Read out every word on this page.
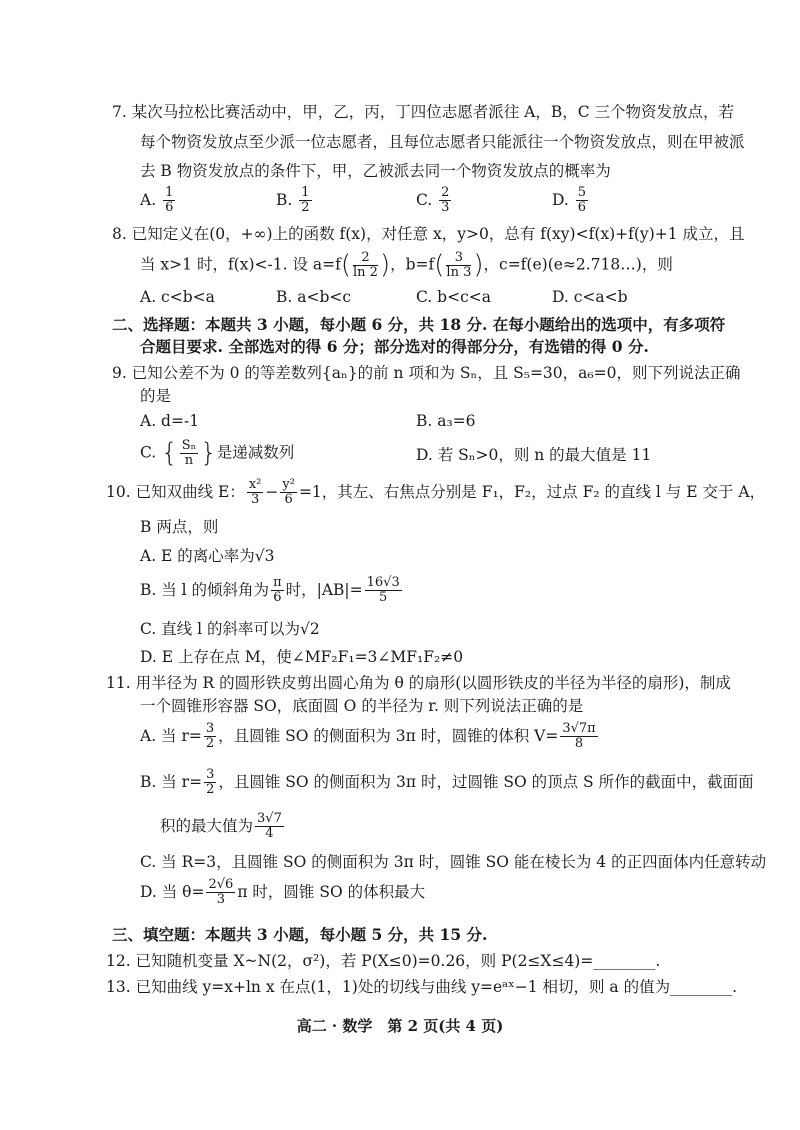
7. 某次马拉松比赛活动中，甲，乙，丙，丁四位志愿者派往 A，B，C 三个物资发放点，若
每个物资发放点至少派一位志愿者，且每位志愿者只能派往一个物资发放点，则在甲被派
去 B 物资发放点的条件下，甲，乙被派去同一个物资发放点的概率为
A. $\frac{1}{6}$	B. $\frac{1}{2}$	C. $\frac{2}{3}$	D. $\frac{5}{6}$
8. 已知定义在(0，+∞)上的函数 f(x)，对任意 x，y>0，总有 f(xy)<f(x)+f(y)+1 成立，且
当 x>1 时，f(x)<-1. 设 $a=f( \frac{2}{\ln 2}$ )，$b=f( \frac{3}{\ln 3}$ )，c=f(e)(e≈2.718…)，则
A. c<b<a	B. a<b<c	C. b<c<a	D. c<a<b
二、选择题：本题共 3 小题，每小题 6 分，共 18 分. 在每小题给出的选项中，有多项符
合题目要求. 全部选对的得 6 分；部分选对的得部分分，有选错的得 0 分.
9. 已知公差不为 0 的等差数列{aₙ}的前 n 项和为 Sₙ，且 S₅=30，a₆=0，则下列说法正确
的是
A. d=-1	B. a₃=6
C. { $\frac{\text{Sₙ}}{n}$ }是递减数列	D. 若 Sₙ>0，则 n 的最大值是 11
10. 已知双曲线 E： $\frac{\text{x²}}{3} - \frac{\text{y²}}{6} =1$，其左、右焦点分别是 F₁，F₂，过点 F₂ 的直线 l 与 E 交于 A，
B 两点，则
A. E 的离心率为√3
B. 当 l 的倾斜角为 $\frac{\pi}{6}$ 时，$|AB|= \frac{16√3}{5}$
C. 直线 l 的斜率可以为√2
D. E 上存在点 M，使∠MF₂F₁=3∠MF₁F₂≠0
11. 用半径为 R 的圆形铁皮剪出圆心角为 θ 的扇形(以圆形铁皮的半径为半径的扇形)，制成
一个圆锥形容器 SO，底面圆 O 的半径为 r. 则下列说法正确的是
A. 当 $r= \frac{3}{2}$ ，且圆锥 SO 的侧面积为 3π 时，圆锥的体积 $V= \frac{3√7\pi}{8}$
B. 当 $r= \frac{3}{2}$ ，且圆锥 SO 的侧面积为 3π 时，过圆锥 SO 的顶点 S 所作的截面中，截面面
积的最大值为 $\frac{3√7}{4}$
C. 当 R=3，且圆锥 SO 的侧面积为 3π 时，圆锥 SO 能在棱长为 4 的正四面体内任意转动
D. 当 $\theta= \frac{2√6}{3}$ π 时，圆锥 SO 的体积最大
三、填空题：本题共 3 小题，每小题 5 分，共 15 分.
12. 已知随机变量 X~N(2，σ²)，若 P(X≤0)=0.26，则 P(2≤X≤4)=________.
13. 已知曲线 y=x+ln x 在点(1，1)处的切线与曲线 y=eᵃˣ−1 相切，则 a 的值为________.
高二 · 数学　第 2 页(共 4 页)
